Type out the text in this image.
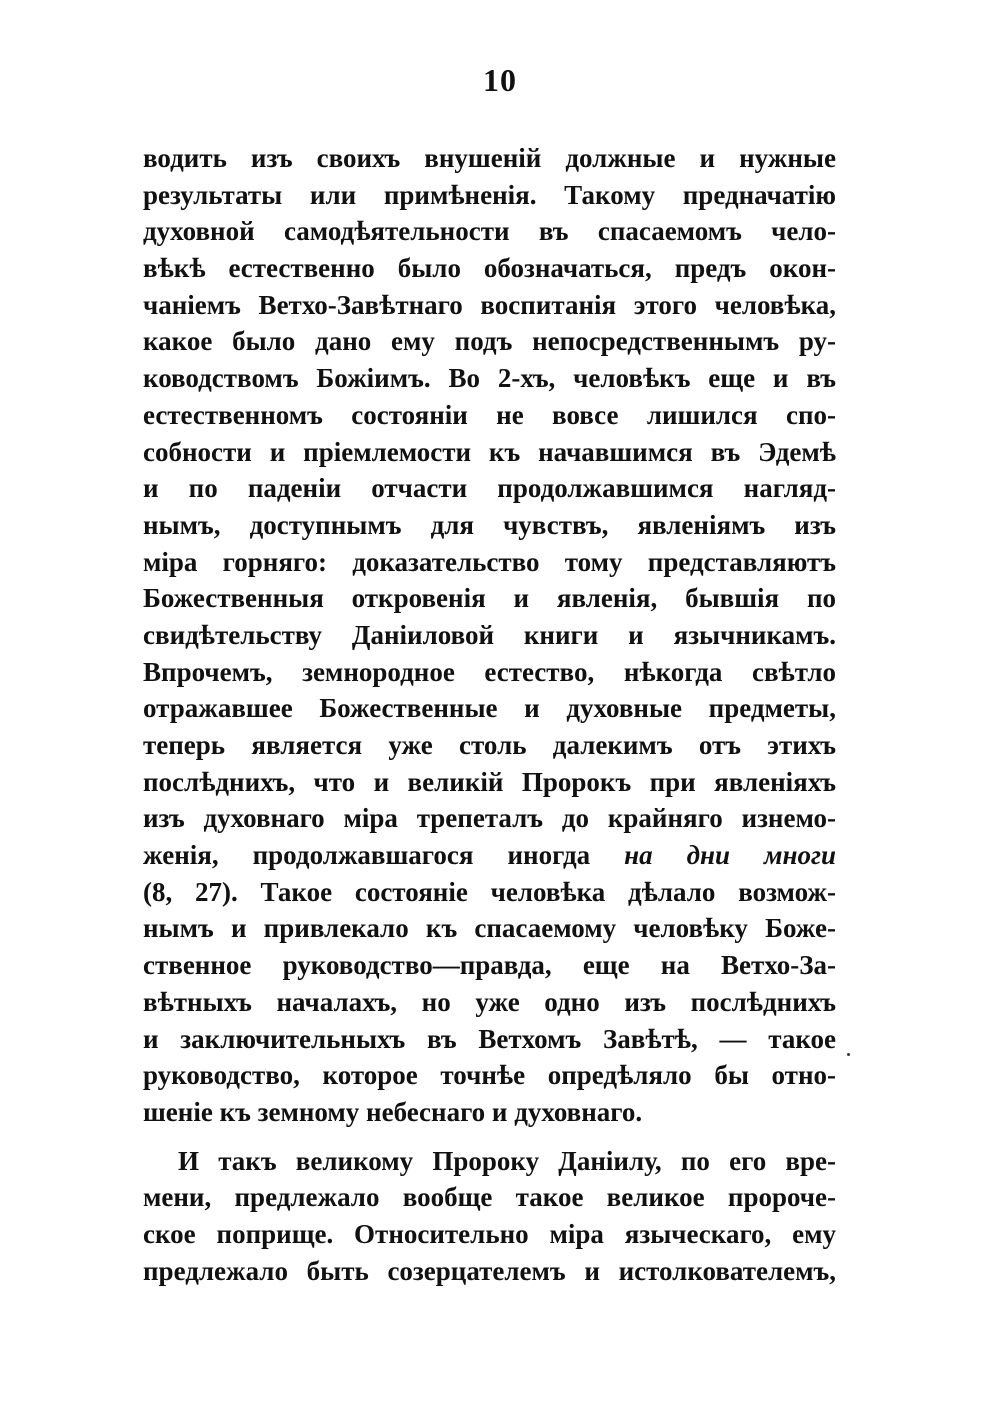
10
водить изъ своихъ внушеній должные и нужные
результаты или примѣненія. Такому предначатію
духовной самодѣятельности въ спасаемомъ чело-
вѣкѣ естественно было обозначаться, предъ окон-
чаніемъ Ветхо-Завѣтнаго воспитанія этого человѣка,
какое было дано ему подъ непосредственнымъ ру-
ководствомъ Божіимъ. Во 2-хъ, человѣкъ еще и въ
естественномъ состояніи не вовсе лишился спо-
собности и пріемлемости къ начавшимся въ Эдемѣ
и по паденіи отчасти продолжавшимся нагляд-
нымъ, доступнымъ для чувствъ, явленіямъ изъ
міра горняго: доказательство тому представляютъ
Божественныя откровенія и явленія, бывшія по
свидѣтельству Даніиловой книги и язычникамъ.
Впрочемъ, земнородное естество, нѣкогда свѣтло
отражавшее Божественные и духовные предметы,
теперь является уже столь далекимъ отъ этихъ
послѣднихъ, что и великій Пророкъ при явленіяхъ
изъ духовнаго міра трепеталъ до крайняго изнемо-
женія, продолжавшагося иногда на дни многи
(8, 27). Такое состояніе человѣка дѣлало возмож-
нымъ и привлекало къ спасаемому человѣку Боже-
ственное руководство—правда, еще на Ветхо-За-
вѣтныхъ началахъ, но уже одно изъ послѣднихъ
и заключительныхъ въ Ветхомъ Завѣтѣ, — такое
руководство, которое точнѣе опредѣляло бы отно-
шеніе къ земному небеснаго и духовнаго.
И такъ великому Пророку Даніилу, по его вре-
мени, предлежало вообще такое великое пророче-
ское поприще. Относительно міра языческаго, ему
предлежало быть созерцателемъ и истолкователемъ,
